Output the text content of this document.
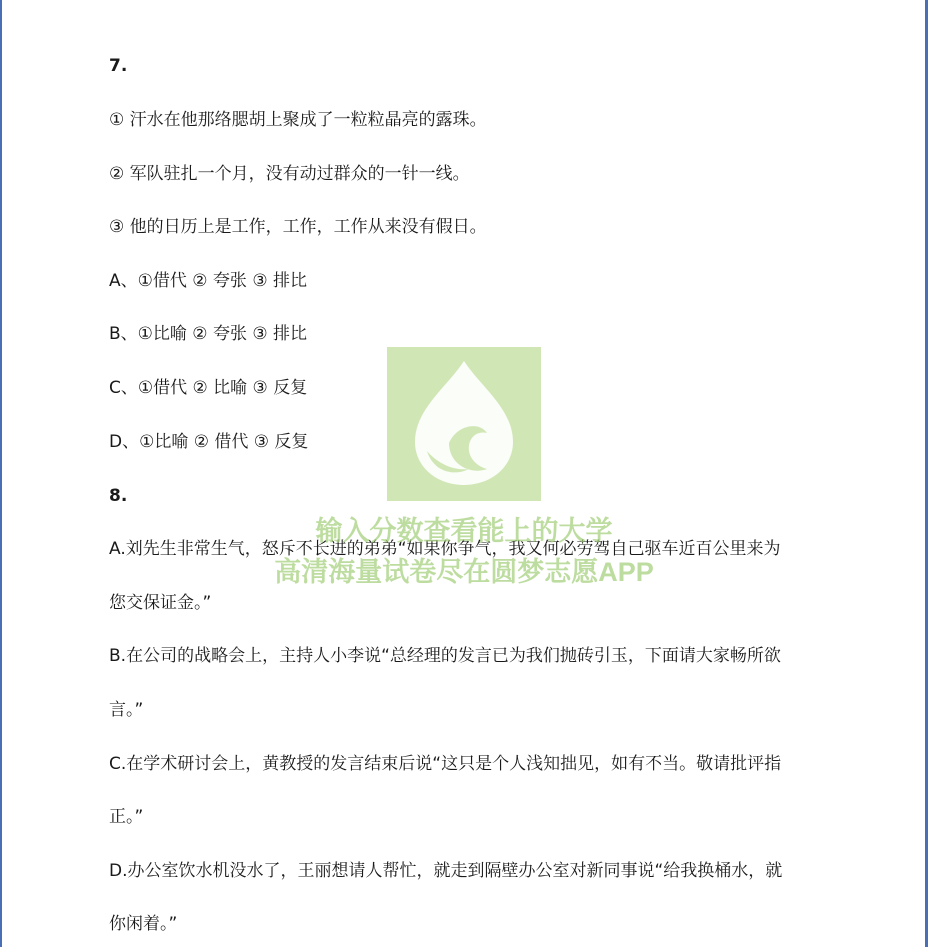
7.
① 汗水在他那络腮胡上聚成了一粒粒晶亮的露珠。
② 军队驻扎一个月，没有动过群众的一针一线。
③ 他的日历上是工作，工作，工作从来没有假日。
A、①借代 ② 夸张 ③ 排比
B、①比喻 ② 夸张 ③ 排比
C、①借代 ② 比喻 ③ 反复
D、①比喻 ② 借代 ③ 反复
8.
A.刘先生非常生气，怒斥不长进的弟弟“如果你争气，我又何必劳驾自己驱车近百公里来为
您交保证金。”
B.在公司的战略会上，主持人小李说“总经理的发言已为我们抛砖引玉，下面请大家畅所欲
言。”
C.在学术研讨会上，黄教授的发言结束后说“这只是个人浅知拙见，如有不当。敬请批评指
正。”
D.办公室饮水机没水了，王丽想请人帮忙，就走到隔壁办公室对新同事说“给我换桶水，就
你闲着。”
输入分数查看能上的大学
高清海量试卷尽在圆梦志愿APP
